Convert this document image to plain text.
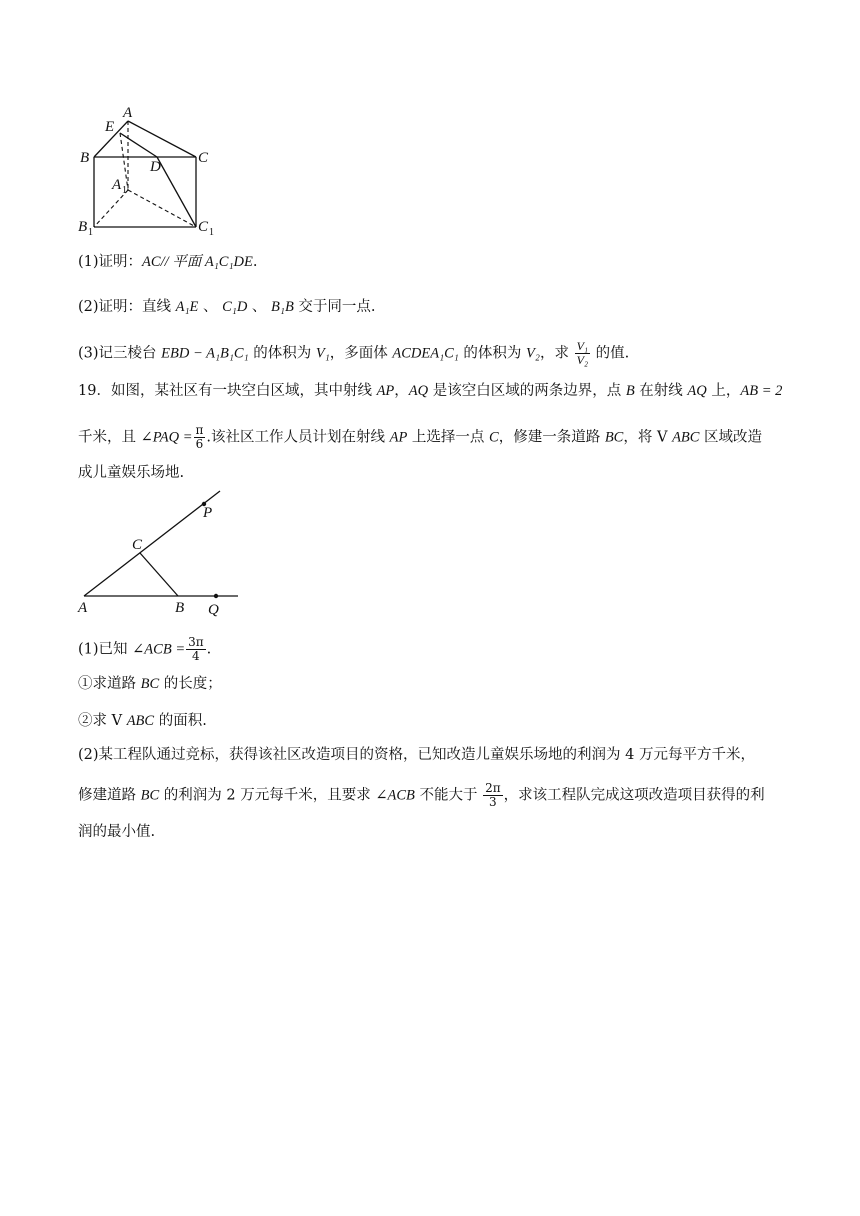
A
E
B	C
D
A 1
B 1	C 1
(1)证明：AC// 平面 A₁C₁DE.
(2)证明：直线 A₁E 、 C₁D 、 B₁B 交于同一点.
(3)记三棱台 EBD − A₁B₁C₁ 的体积为 V₁，多面体 ACDEA₁C₁ 的体积为 V₂，求 $\frac{\text{V₁}}{\text{V₂}}$ 的值.
19．如图，某社区有一块空白区域，其中射线 AP，AQ 是该空白区域的两条边界，点 B 在射线 AQ 上，AB = 2
千米，且 ∠PAQ = $\frac{\pi}{6}$ .该社区工作人员计划在射线 AP 上选择一点 C，修建一条道路 BC，将 V ABC 区域改造
成儿童娱乐场地.
C
P
A	B Q
(1)已知 ∠ACB = $\frac{3\pi}{4}$ .
①求道路 BC 的长度；
②求 V ABC 的面积.
(2)某工程队通过竞标，获得该社区改造项目的资格，已知改造儿童娱乐场地的利润为 4 万元每平方千米，
修建道路 BC 的利润为 2 万元每千米，且要求 ∠ACB 不能大于 $\frac{2\pi}{3}$ ，求该工程队完成这项改造项目获得的利
润的最小值.
